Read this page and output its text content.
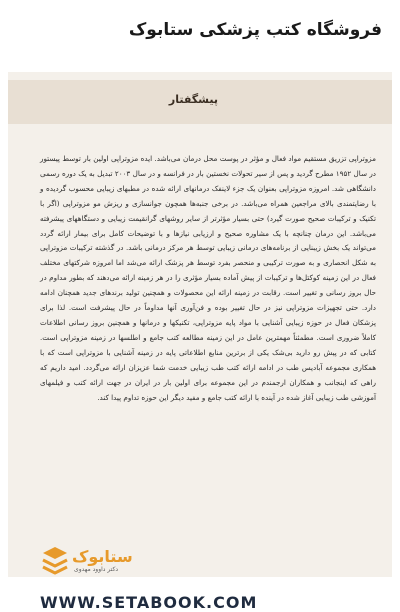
فروشگاه کتب پزشکی ستابوک
پیشگفتار

مزوتراپی تزریق مستقیم مواد فعال و مؤثر در پوست محل درمان می‌باشد. ایده مزوتراپی اولین بار توسط پیستور در سال ۱۹۵۲ مطرح گردید و پس از سیر تحولات نخستین بار در فرانسه و در سال ۲۰۰۳ تبدیل به یک دوره رسمی دانشگاهی شد. امروزه مزوتراپی بعنوان یک جزء لاینفک درمانهای ارائه شده در مطبهای زیبایی محسوب گردیده و با رضایتمندی بالای مراجعین همراه می‌باشد. در برخی جنبه‌ها همچون جوانسازی و ریزش مو مزوتراپی (اگر با تکنیک و ترکیبات صحیح صورت گیرد) حتی بسیار مؤثرتر از سایر روشهای گرانقیمت زیبایی و دستگاههای پیشرفته می‌باشد. این درمان چنانچه با یک مشاوره صحیح و ارزیابی نیازها و با توضیحات کامل برای بیمار ارائه گردد می‌تواند یک بخش زیبنایی از برنامه‌های درمانی زیبایی توسط هر مرکز درمانی باشد. در گذشته ترکیبات مزوتراپی به شکل انحصاری و به صورت ترکیبی و منحصر بفرد توسط هر پزشک ارائه می‌شد اما امروزه شرکتهای مختلف فعال در این زمینه کوکتل‌ها و ترکیبات از پیش آماده بسیار مؤثری را در هر زمینه ارائه می‌دهند که بطور مداوم در حال بروز رسانی و تغییر است. رقابت در زمینه ارائه این محصولات و همچنین تولید برندهای جدید همچنان ادامه دارد. حتی تجهیزات مزوتراپی نیز در حال تغییر بوده و فن‌آوری آنها مداوماً در حال پیشرفت است. لذا برای پزشکان فعال در حوزه زیبایی آشنایی با مواد پایه مزوتراپی، تکنیکها و درمانها و همچنین بروز رسانی اطلاعات کاملاً ضروری است. مطمئناً مهمترین عامل در این زمینه مطالعه کتب جامع و اطلسها در زمینه مزوتراپی است. کتابی که در پیش رو دارید بی‌شک یکی از برترین منابع اطلاعاتی پایه در زمینه آشنایی با مزوتراپی است که با همکاری مجموعه آبادیس طب در ادامه ارائه کتب طب زیبایی خدمت شما عزیزان ارائه می‌گردد. امید داریم که راهی که اینجانب و همکاران ارجمندم در این مجموعه برای اولین بار در ایران در جهت ارائه کتب و فیلمهای آموزشی طب زیبایی آغاز شده در آینده با ارائه کتب جامع و مفید دیگر این حوزه تداوم پیدا کند.

ستابوک
دکتر داوود مهدوی
WWW.SETABOOK.COM
